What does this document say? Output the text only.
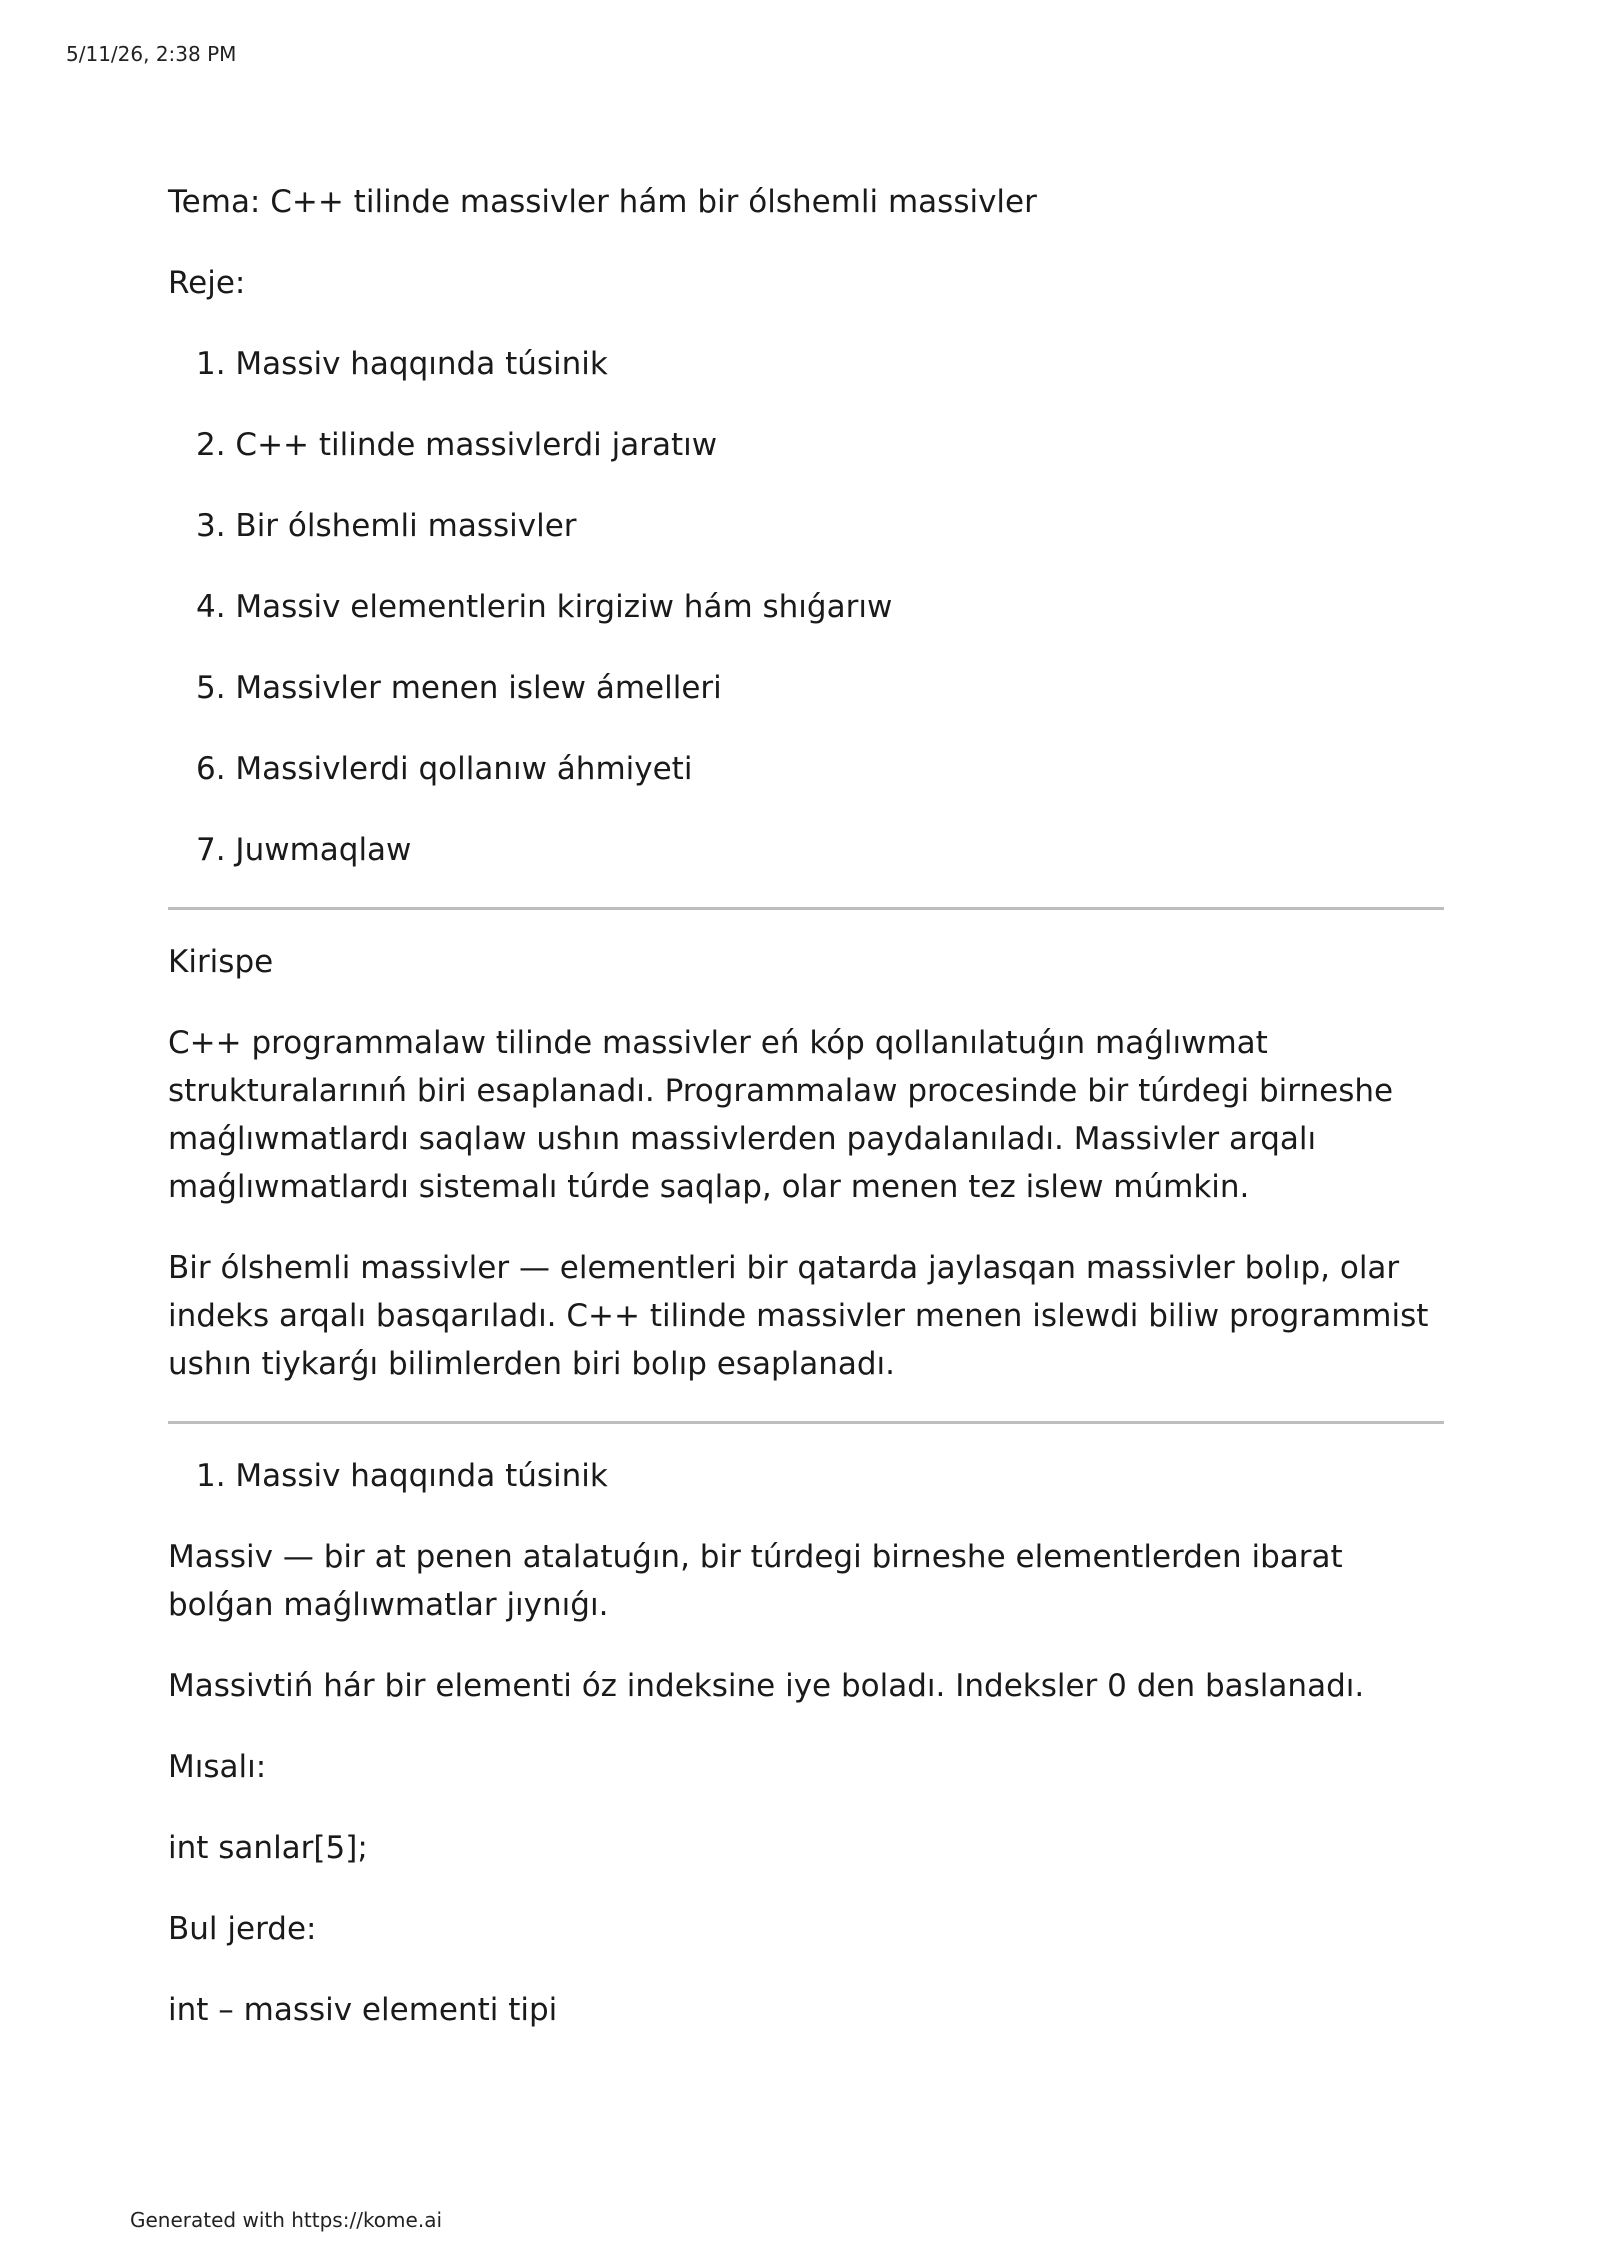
5/11/26, 2:38 PM
Tema: C++ tilinde massivler hám bir ólshemli massivler
Reje:
1. Massiv haqqında túsinik
2. C++ tilinde massivlerdi jaratıw
3. Bir ólshemli massivler
4. Massiv elementlerin kirgiziw hám shıǵarıw
5. Massivler menen islew ámelleri
6. Massivlerdi qollanıw áhmiyeti
7. Juwmaqlaw
Kirispe
C++ programmalaw tilinde massivler eń kóp qollanılatuǵın maǵlıwmat strukturalarınıń biri esaplanadı. Programmalaw procesinde bir túrdegi birneshe maǵlıwmatlardı saqlaw ushın massivlerden paydalanıladı. Massivler arqalı maǵlıwmatlardı sistemalı túrde saqlap, olar menen tez islew múmkin.
Bir ólshemli massivler — elementleri bir qatarda jaylasqan massivler bolıp, olar indeks arqalı basqarıladı. C++ tilinde massivler menen islewdi biliw programmist ushın tiykarǵı bilimlerden biri bolıp esaplanadı.
1. Massiv haqqında túsinik
Massiv — bir at penen atalatuǵın, bir túrdegi birneshe elementlerden ibarat bolǵan maǵlıwmatlar jıynıǵı.
Massivtiń hár bir elementi óz indeksine iye boladı. Indeksler 0 den baslanadı.
Mısalı:
int sanlar[5];
Bul jerde:
int – massiv elementi tipi
Generated with https://kome.ai
